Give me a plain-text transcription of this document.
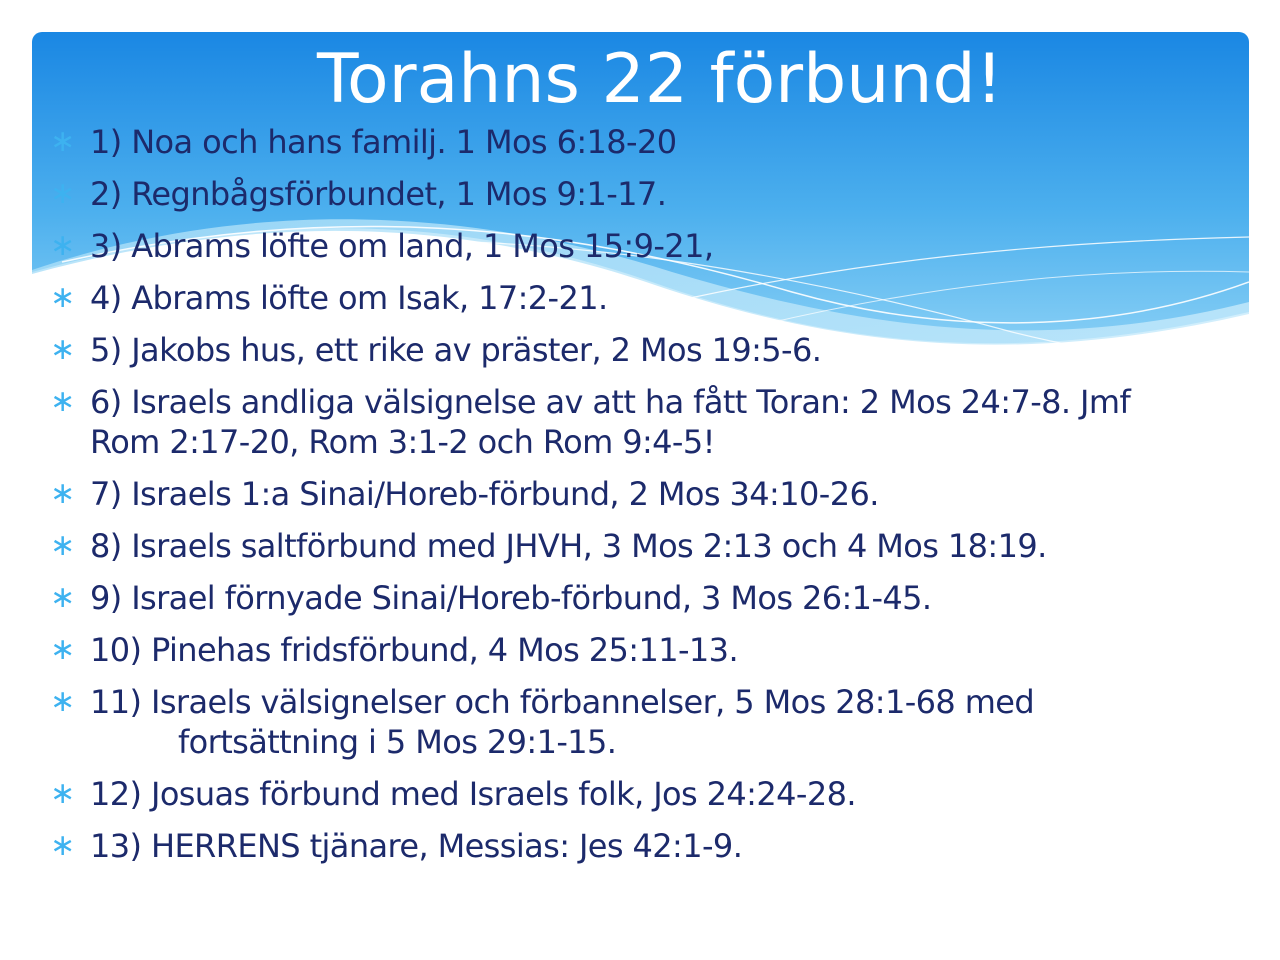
Torahns 22 förbund!
∗ 1) Noa och hans familj. 1 Mos 6:18-20
∗ 2) Regnbågsförbundet, 1 Mos 9:1-17.
∗ 3) Abrams löfte om land, 1 Mos 15:9-21,
∗ 4) Abrams löfte om Isak, 17:2-21.
∗ 5) Jakobs hus, ett rike av präster, 2 Mos 19:5-6.
∗ 6) Israels andliga välsignelse av att ha fått Toran: 2 Mos 24:7-8. Jmf
Rom 2:17-20, Rom 3:1-2 och Rom 9:4-5!
∗ 7) Israels 1:a Sinai/Horeb-förbund, 2 Mos 34:10-26.
∗ 8) Israels saltförbund med JHVH, 3 Mos 2:13 och 4 Mos 18:19.
∗ 9) Israel förnyade Sinai/Horeb-förbund, 3 Mos 26:1-45.
∗ 10) Pinehas fridsförbund, 4 Mos 25:11-13.
∗ 11) Israels välsignelser och förbannelser, 5 Mos 28:1-68 med
fortsättning i 5 Mos 29:1-15.
∗ 12) Josuas förbund med Israels folk, Jos 24:24-28.
∗ 13) HERRENS tjänare, Messias: Jes 42:1-9.
